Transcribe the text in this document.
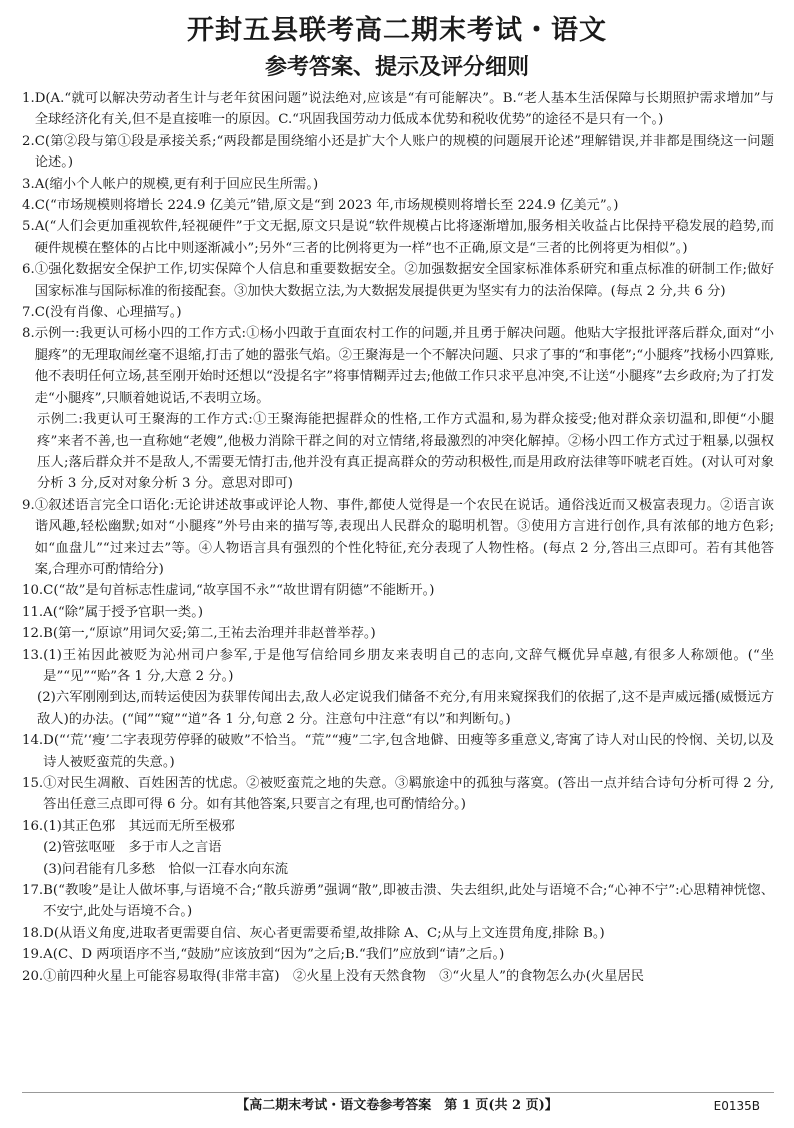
开封五县联考高二期末考试・语文
参考答案、提示及评分细则
1. D(A.“就可以解决劳动者生计与老年贫困问题”说法绝对,应该是“有可能解决”。B.“老人基本生活保障与长期照护需求增加”与全球经济化有关,但不是直接唯一的原因。C.“巩固我国劳动力低成本优势和税收优势”的途径不是只有一个。)
2. C(第②段与第①段是承接关系;“两段都是围绕缩小还是扩大个人账户的规模的问题展开论述”理解错误,并非都是围绕这一问题论述。)
3. A(缩小个人帐户的规模,更有利于回应民生所需。)
4. C(“市场规模则将增长 224.9 亿美元”错,原文是“到 2023 年,市场规模则将增长至 224.9 亿美元”。)
5. A(“人们会更加重视软件,轻视硬件”于文无据,原文只是说“软件规模占比将逐渐增加,服务相关收益占比保持平稳发展的趋势,而硬件规模在整体的占比中则逐渐减小”;另外“三者的比例将更为一样”也不正确,原文是“三者的比例将更为相似”。)
6. ①强化数据安全保护工作,切实保障个人信息和重要数据安全。②加强数据安全国家标准体系研究和重点标准的研制工作;做好国家标准与国际标准的衔接配套。③加快大数据立法,为大数据发展提供更为坚实有力的法治保障。(每点 2 分,共 6 分)
7. C(没有肖像、心理描写。)
8. 示例一:我更认可杨小四的工作方式:①杨小四敢于直面农村工作的问题,并且勇于解决问题。他贴大字报批评落后群众,面对“小腿疼”的无理取闹丝毫不退缩,打击了她的嚣张气焰。②王聚海是一个不解决问题、只求了事的“和事佬”;“小腿疼”找杨小四算账,他不表明任何立场,甚至刚开始时还想以“没提名字”将事情糊弄过去;他做工作只求平息冲突,不让送“小腿疼”去乡政府;为了打发走“小腿疼”,只顺着她说话,不表明立场。
示例二:我更认可王聚海的工作方式:①王聚海能把握群众的性格,工作方式温和,易为群众接受;他对群众亲切温和,即便“小腿疼”来者不善,也一直称她“老嫂”,他极力消除干群之间的对立情绪,将最激烈的冲突化解掉。②杨小四工作方式过于粗暴,以强权压人;落后群众并不是敌人,不需要无情打击,他并没有真正提高群众的劳动积极性,而是用政府法律等吓唬老百姓。(对认可对象分析 3 分,反对对象分析 3 分。意思对即可)
9. ①叙述语言完全口语化:无论讲述故事或评论人物、事件,都使人觉得是一个农民在说话。通俗浅近而又极富表现力。②语言诙谐风趣,轻松幽默;如对“小腿疼”外号由来的描写等,表现出人民群众的聪明机智。③使用方言进行创作,具有浓郁的地方色彩;如“血盘儿”“过来过去”等。④人物语言具有强烈的个性化特征,充分表现了人物性格。(每点 2 分,答出三点即可。若有其他答案,合理亦可酌情给分)
10. C(“故”是句首标志性虚词,“故享国不永”“故世谓有阴德”不能断开。)
11. A(“除”属于授予官职一类。)
12. B(第一,“原谅”用词欠妥;第二,王祐去治理并非赵普举荐。)
13. (1)王祐因此被贬为沁州司户参军,于是他写信给同乡朋友来表明自己的志向,文辞气概优异卓越,有很多人称颂他。(“坐是”“见”“贻”各 1 分,大意 2 分。)
(2)六军刚刚到达,而转运使因为获罪传闻出去,敌人必定说我们储备不充分,有用来窥探我们的依据了,这不是声威远播(威慑远方敌人)的办法。(“闻”“窥”“道”各 1 分,句意 2 分。注意句中注意“有以”和判断句。)
14. D(“‘荒’‘瘦’二字表现劳停驿的破败”不恰当。“荒”“瘦”二字,包含地僻、田瘦等多重意义,寄寓了诗人对山民的怜悯、关切,以及诗人被贬蛮荒的失意。)
15. ①对民生凋敝、百姓困苦的忧虑。②被贬蛮荒之地的失意。③羁旅途中的孤独与落寞。(答出一点并结合诗句分析可得 2 分,答出任意三点即可得 6 分。如有其他答案,只要言之有理,也可酌情给分。)
16. (1)其正色邪　其远而无所至极邪
(2)管弦呕哑　多于市人之言语
(3)问君能有几多愁　恰似一江春水向东流
17. B(“教唆”是让人做坏事,与语境不合;“散兵游勇”强调“散”,即被击溃、失去组织,此处与语境不合;“心神不宁”:心思精神恍惚、不安宁,此处与语境不合。)
18. D(从语义角度,进取者更需要自信、灰心者更需要希望,故排除 A、C;从与上文连贯角度,排除 B。)
19. A(C、D 两项语序不当,“鼓励”应该放到“因为”之后;B.“我们”应放到“请”之后。)
20. ①前四种火星上可能容易取得(非常丰富)　②火星上没有天然食物　③“火星人”的食物怎么办(火星居民
【高二期末考试・语文卷参考答案　第 1 页(共 2 页)】	E0135B
